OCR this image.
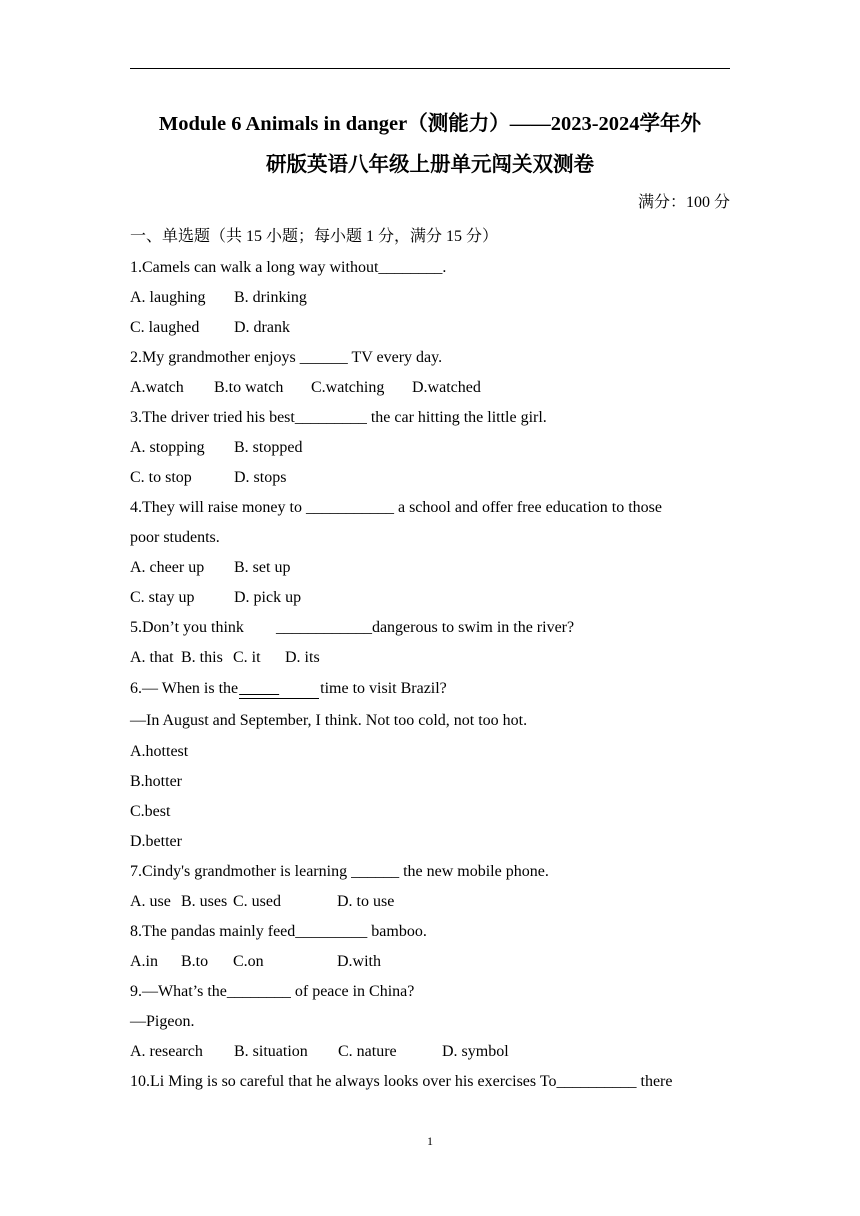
Module 6 Animals in danger（测能力）——2023-2024学年外
研版英语八年级上册单元闯关双测卷
满分：100 分
一、单选题（共 15 小题；每小题 1 分，满分 15 分）
1.Camels can walk a long way without________.
A. laughing B. drinking
C. laughed D. drank
2.My grandmother enjoys ______ TV every day.
A.watch B.to watch C.watching D.watched
3.The driver tried his best_________ the car hitting the little girl.
A. stopping B. stopped
C. to stop	D. stops
4.They will raise money to ___________ a school and offer free education to those
poor students.
A. cheer up B. set up
C. stay up D. pick up
5.Don’t you think ____________dangerous to swim in the river?
A. that B. this C. it D. its
6.— When is the	time to visit Brazil?
—In August and September, I think. Not too cold, not too hot.
A.hottest
B.hotter
C.best
D.better
7.Cindy's grandmother is learning ______ the new mobile phone.
A. use B. uses C. used	D. to use
8.The pandas mainly feed_________ bamboo.
A.in B.to C.on	D.with
9.—What’s the________ of peace in China?
—Pigeon.
A. research B. situation C. nature	D. symbol
10.Li Ming is so careful that he always looks over his exercises To__________ there
1
